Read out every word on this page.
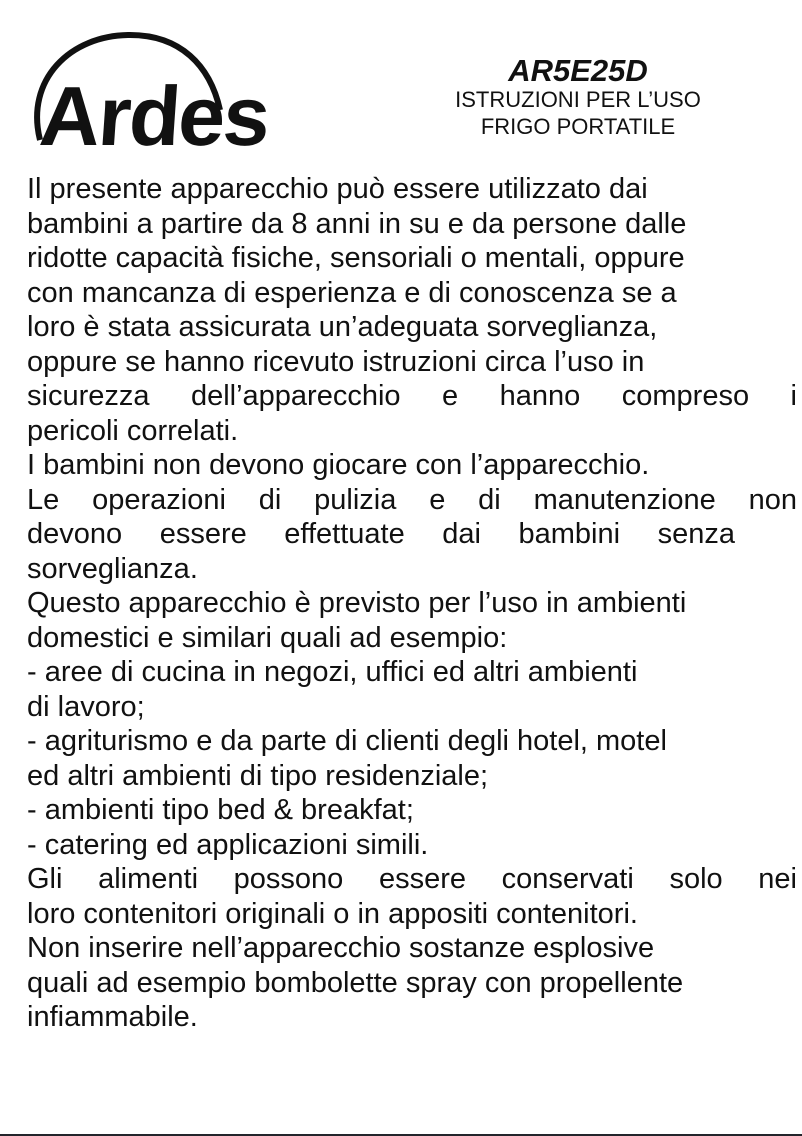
Ardes	AR5E25D
ISTRUZIONI PER L’USO
FRIGO PORTATILE
Il presente apparecchio può essere utilizzato dai
bambini a partire da 8 anni in su e da persone dalle
ridotte capacità fisiche, sensoriali o mentali, oppure
con mancanza di esperienza e di conoscenza se a
loro è stata assicurata un’adeguata sorveglianza,
oppure se hanno ricevuto istruzioni circa l’uso in
sicurezza dell’apparecchio e hanno compreso i
pericoli correlati.
I bambini non devono giocare con l’apparecchio.
Le operazioni di pulizia e di manutenzione non
devono essere effettuate dai bambini senza
sorveglianza.
Questo apparecchio è previsto per l’uso in ambienti
domestici e similari quali ad esempio:
- aree di cucina in negozi, uffici ed altri ambienti
di lavoro;
- agriturismo e da parte di clienti degli hotel, motel
ed altri ambienti di tipo residenziale;
- ambienti tipo bed & breakfat;
- catering ed applicazioni simili.
Gli alimenti possono essere conservati solo nei
loro contenitori originali o in appositi contenitori.
Non inserire nell’apparecchio sostanze esplosive
quali ad esempio bombolette spray con propellente
infiammabile.
